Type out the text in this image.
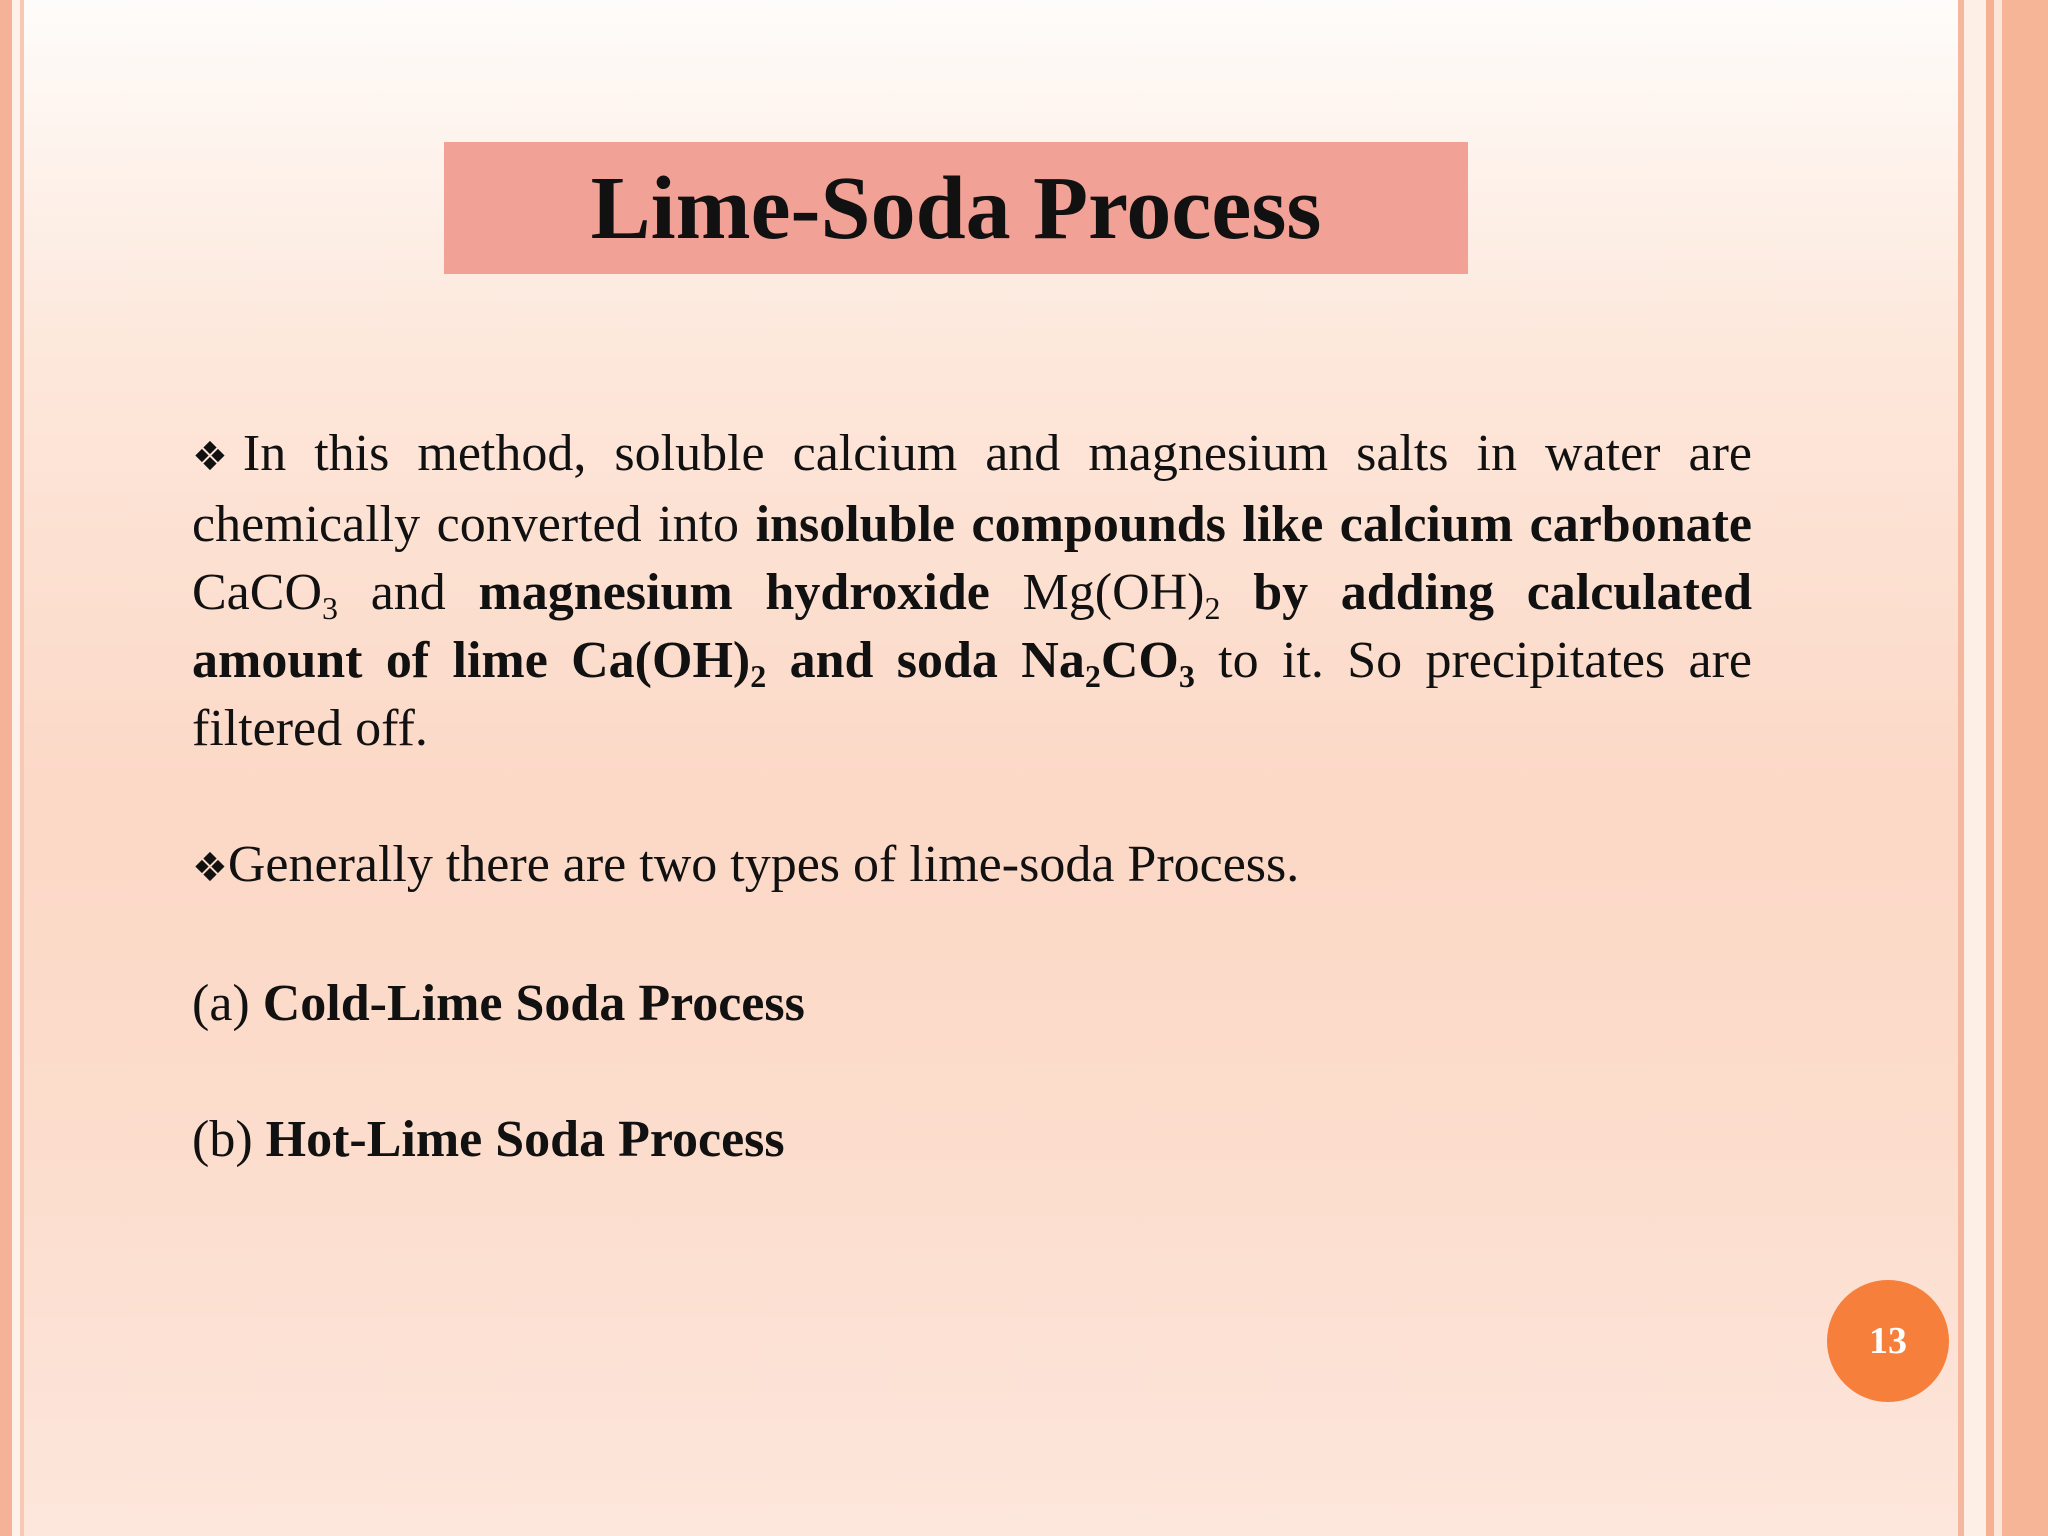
Lime-Soda Process

❖In this method, soluble calcium and magnesium salts in water are chemically converted into insoluble compounds like calcium carbonate CaCO$_3$ and magnesium hydroxide $Mg(OH)_2$ by adding calculated amount of lime $Ca(OH)_2$ and soda $Na_2CO_3$ to it. So precipitates are filtered off.

❖Generally there are two types of lime-soda Process.

(a) Cold-Lime Soda Process

(b) Hot-Lime Soda Process

13
